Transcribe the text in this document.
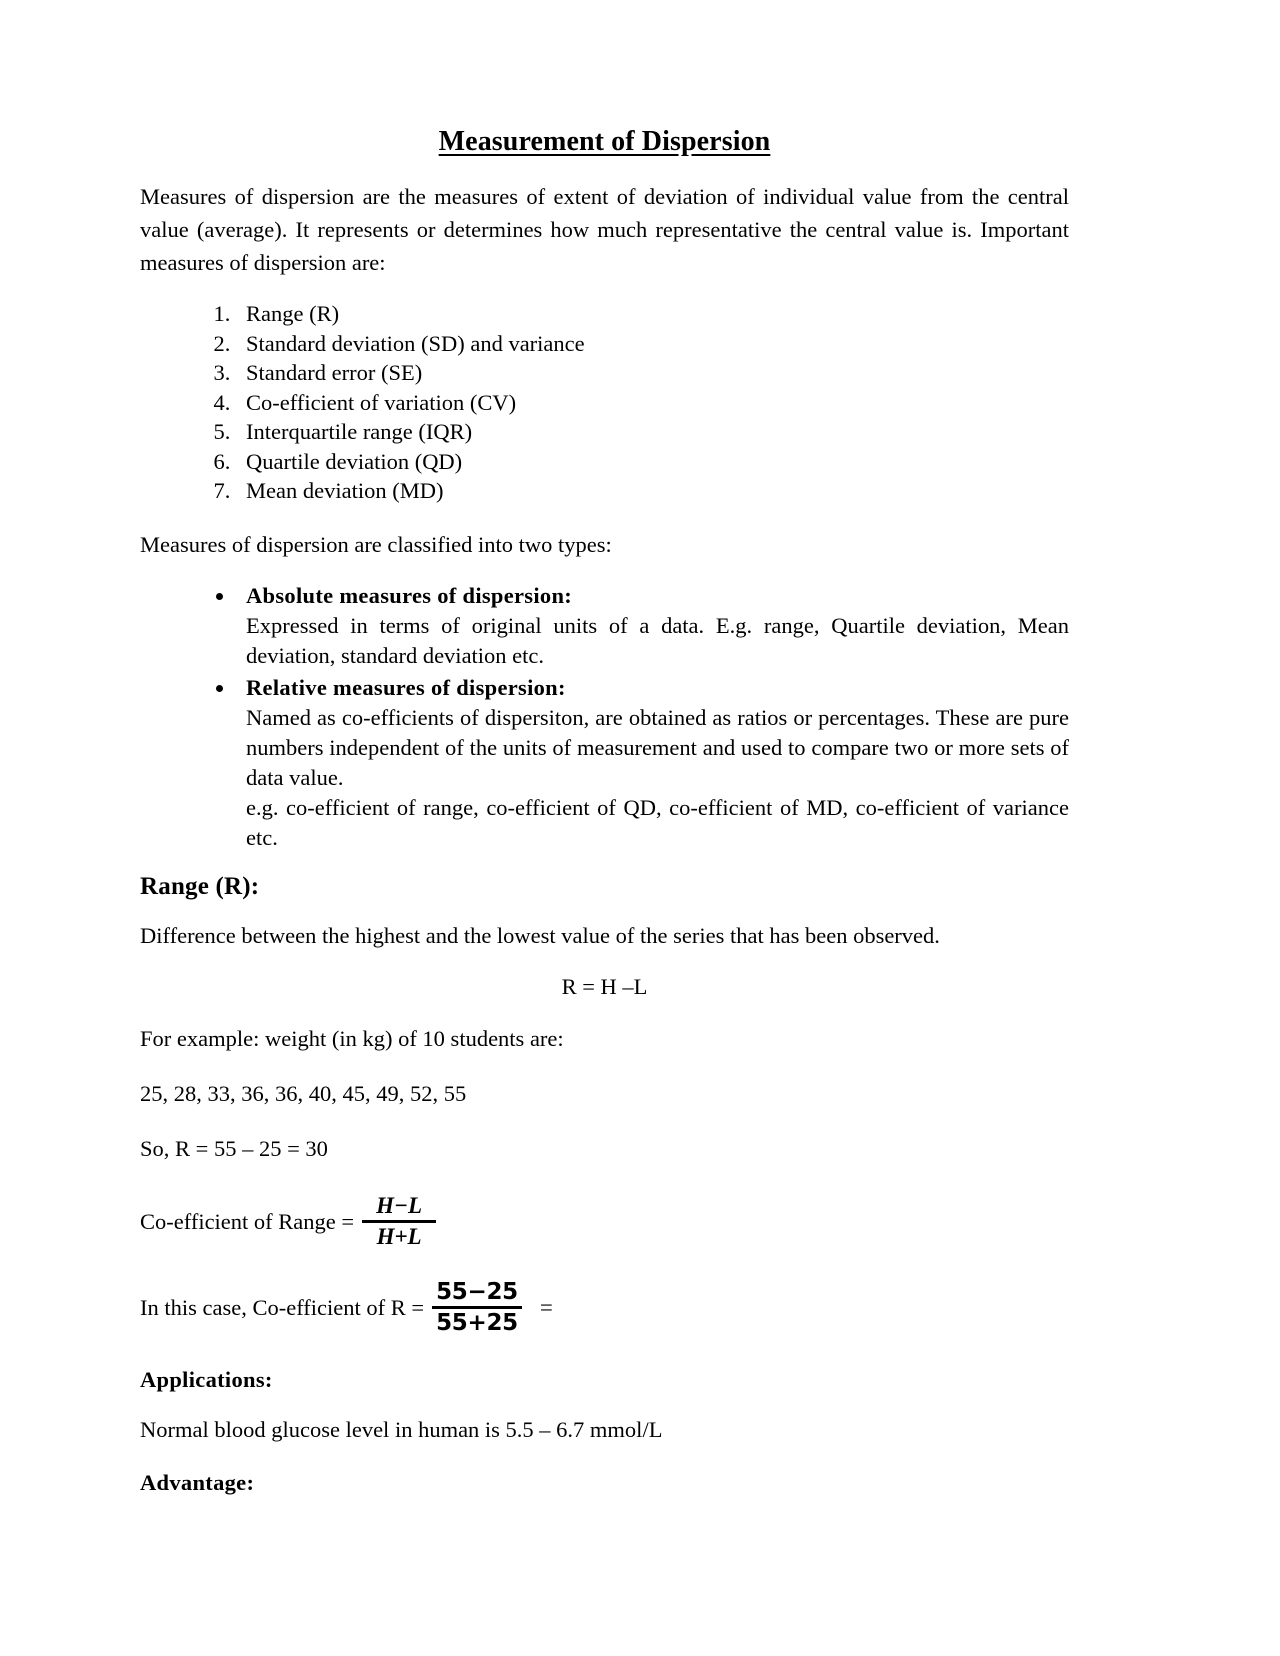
Measurement of Dispersion

Measures of dispersion are the measures of extent of deviation of individual value from the central value (average). It represents or determines how much representative the central value is. Important measures of dispersion are:

1. Range (R)
2. Standard deviation (SD) and variance
3. Standard error (SE)
4. Co-efficient of variation (CV)
5. Interquartile range (IQR)
6. Quartile deviation (QD)
7. Mean deviation (MD)

Measures of dispersion are classified into two types:

• Absolute measures of dispersion:
Expressed in terms of original units of a data. E.g. range, Quartile deviation, Mean deviation, standard deviation etc.
• Relative measures of dispersion:
Named as co-efficients of dispersiton, are obtained as ratios or percentages. These are pure numbers independent of the units of measurement and used to compare two or more sets of data value.
e.g. co-efficient of range, co-efficient of QD, co-efficient of MD, co-efficient of variance etc.
Range (R):

Difference between the highest and the lowest value of the series that has been observed.

R = H –L

For example: weight (in kg) of 10 students are:

25, 28, 33, 36, 36, 40, 45, 49, 52, 55

So, R = 55 – 25 = 30

Co-efficient of Range = $\frac{H-L}{H+L}$
In this case, Co-efficient of $R = \frac{55-25}{55+25}$ =
Applications:

Normal blood glucose level in human is 5.5 – 6.7 mmol/L

Advantage:
